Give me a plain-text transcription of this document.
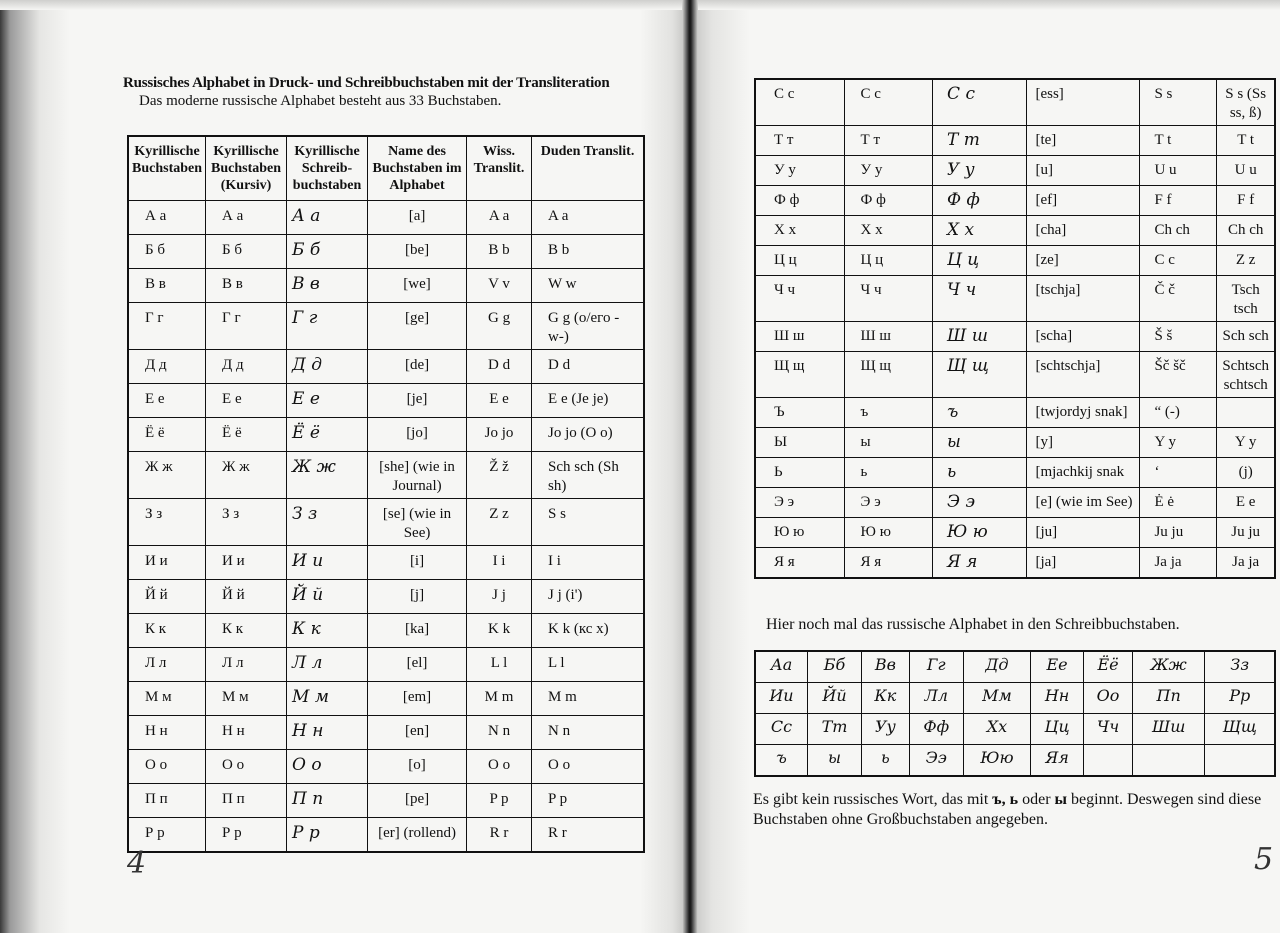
Russisches Alphabet in Druck- und Schreibbuchstaben mit der Transliteration
Das moderne russische Alphabet besteht aus 33 Buchstaben.
Kyrillische Buchstaben	Kyrillische Buchstaben (Kursiv)	Kyrillische Schreib-buchstaben	Name des Buchstaben im Alphabet	Wiss. Translit.	Duden Translit.
А а	А а	А а	[a]	A a	A a
Б б	Б б	Б б	[be]	B b	B b
В в	В в	В в	[we]	V v	W w
Г г	Г г	Г г	[ge]	G g	G g (o/его -w-)
Д д	Д д	Д д	[de]	D d	D d
Е е	Е е	Е е	[je]	E e	E e (Je je)
Ё ё	Ё ё	Ё ё	[jo]	Jo jo	Jo jo (O o)
Ж ж	Ж ж	Ж ж	[she] (wie in Journal)	Ž ž	Sch sch (Sh sh)
З з	З з	З з	[se] (wie in See)	Z z	S s
И и	И и	И и	[i]	I i	I i
Й й	Й й	Й й	[j]	J j	J j (i')
К к	К к	К к	[ka]	K k	K k (кс x)
Л л	Л л	Л л	[el]	L l	L l
М м	М м	М м	[em]	M m	M m
Н н	Н н	Н н	[en]	N n	N n
О о	О о	О о	[o]	O o	O o
П п	П п	П п	[pe]	P p	P p
Р р	Р р	Р р	[er] (rollend)	R r	R r
4
С с	С с	С с	[ess]	S s	S s (Ss ss, ß)
Т т	Т т	Т т	[te]	T t	T t
У у	У у	У у	[u]	U u	U u
Ф ф	Ф ф	Ф ф	[ef]	F f	F f
Х х	Х х	Х х	[cha]	Ch ch	Ch ch
Ц ц	Ц ц	Ц ц	[ze]	C c	Z z
Ч ч	Ч ч	Ч ч	[tschja]	Č č	Tsch tsch
Ш ш	Ш ш	Ш ш	[scha]	Š š	Sch sch
Щ щ	Щ щ	Щ щ	[schtschja]	Šč šč	Schtsch schtsch
Ъ	ъ	ъ	[twjordyj snak]	“ (-)	
Ы	ы	ы	[y]	Y y	Y y
Ь	ь	ь	[mjachkij snak	‘	(j)
Э э	Э э	Э э	[e] (wie im See)	Ė ė	E e
Ю ю	Ю ю	Ю ю	[ju]	Ju ju	Ju ju
Я я	Я я	Я я	[ja]	Ja ja	Ja ja
Hier noch mal das russische Alphabet in den Schreibbuchstaben.
Аа	Бб	Вв	Гг	Дд	Ее	Ёё	Жж	Зз
Ии	Йй	Кк	Лл	Мм	Нн	Оо	Пп	Рр
Сс	Тт	Уу	Фф	Хх	Цц	Чч	Шш	Щщ
ъ	ы	ь	Ээ	Юю	Яя			
Es gibt kein russisches Wort, das mit ъ, ь oder ы beginnt. Deswegen sind diese Buchstaben ohne Großbuchstaben angegeben.
5
